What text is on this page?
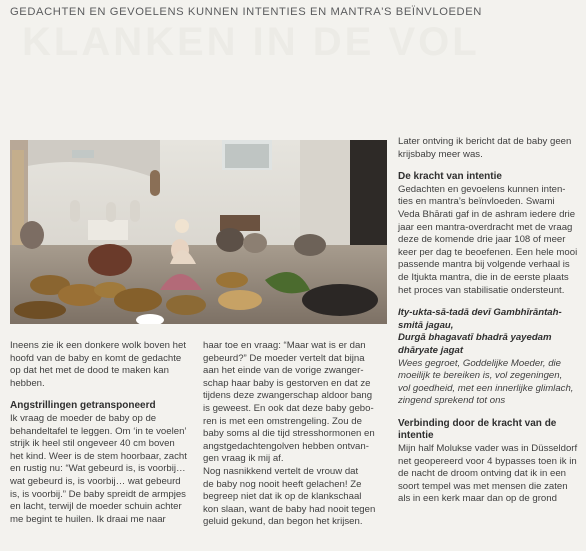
KLANKEN IN DE VOL
GEDACHTEN EN GEVOELENS KUNNEN INTENTIES EN MANTRA'S BEÏNVLOEDEN

Ineens zie ik een donkere wolk boven het
hoofd van de baby en komt de gedachte
op dat het met de dood te maken kan
hebben.

Angstrillingen getransponeerd

Ik vraag de moeder de baby op de
behandeltafel te leggen. Om ‘in te voelen’
strijk ik heel stil ongeveer 40 cm boven
het kind. Weer is de stem hoorbaar, zacht
en rustig nu: “Wat gebeurd is, is voorbij…
wat gebeurd is, is voorbij… wat gebeurd
is, is voorbij.” De baby spreidt de armpjes
en lacht, terwijl de moeder schuin achter
me begint te huilen. Ik draai me naar

haar toe en vraag: “Maar wat is er dan
gebeurd?” De moeder vertelt dat bijna
aan het einde van de vorige zwanger-
schap haar baby is gestorven en dat ze
tijdens deze zwangerschap aldoor bang
is geweest. En ook dat deze baby gebo-
ren is met een omstrengeling. Zou de
baby soms al die tijd stresshormonen en
angstgedachtengolven hebben ontvan-
gen vraag ik mij af.
Nog nasnikkend vertelt de vrouw dat
de baby nog nooit heeft gelachen! Ze
begreep niet dat ik op de klankschaal
kon slaan, want de baby had nooit tegen
geluid gekund, dan begon het krijsen.

Later ontving ik bericht dat de baby geen
krijsbaby meer was.

De kracht van intentie

Gedachten en gevoelens kunnen inten-
ties en mantra’s beïnvloeden. Swami
Veda Bhārati gaf in de ashram iedere drie
jaar een mantra-overdracht met de vraag
deze de komende drie jaar 108 of meer
keer per dag te beoefenen. Een hele mooi
passende mantra bij volgende verhaal is
de Itjukta mantra, die in de eerste plaats
het proces van stabilisatie ondersteunt.

Ity-ukta-sā-tadā devī Gambhīrāntah-
smitā jagau,
Durgā bhagavatī bhadrā yayedam
dhāryate jagat

Wees gegroet, Goddelijke Moeder, die
moeilijk te bereiken is, vol zegeningen,
vol goedheid, met een innerlijke glimlach,
zingend sprekend tot ons

Verbinding door de kracht van de intentie

Mijn half Molukse vader was in Düsseldorf
net geopereerd voor 4 bypasses toen ik in
de nacht de droom ontving dat ik in een
soort tempel was met mensen die zaten
als in een kerk maar dan op de grond
